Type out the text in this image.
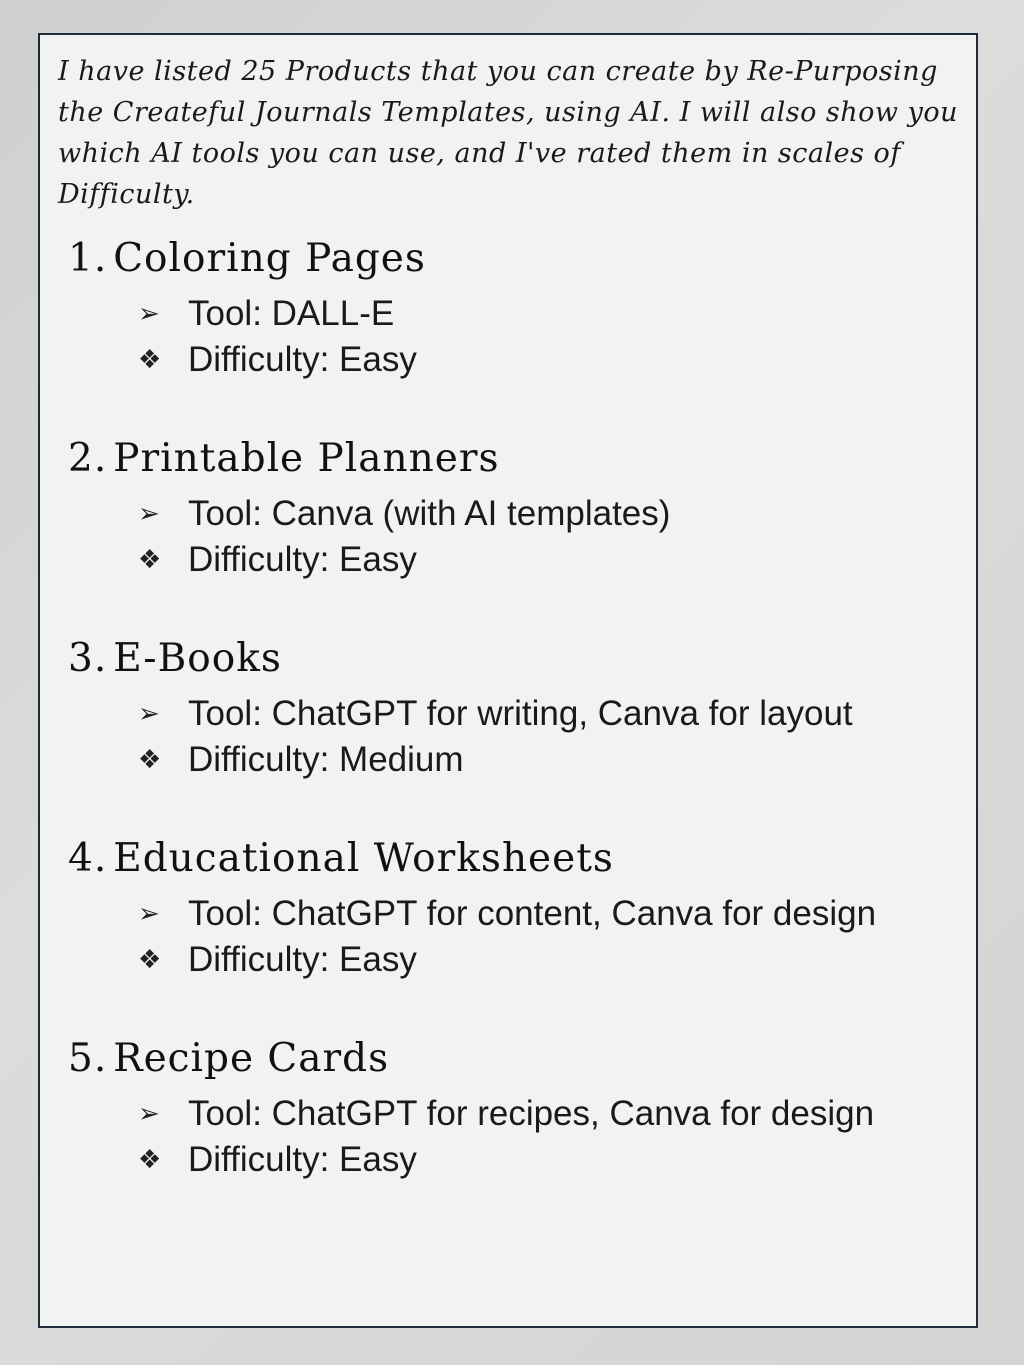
I have listed 25 Products that you can create by Re-Purposing the Createful Journals Templates, using AI. I will also show you which AI tools you can use, and I've rated them in scales of Difficulty.

1. Coloring Pages
➢ Tool: DALL-E
❖ Difficulty: Easy
2. Printable Planners
➢ Tool: Canva (with AI templates)
❖ Difficulty: Easy
3. E-Books
➢ Tool: ChatGPT for writing, Canva for layout
❖ Difficulty: Medium
4. Educational Worksheets
➢ Tool: ChatGPT for content, Canva for design
❖ Difficulty: Easy
5. Recipe Cards
➢ Tool: ChatGPT for recipes, Canva for design
❖ Difficulty: Easy
